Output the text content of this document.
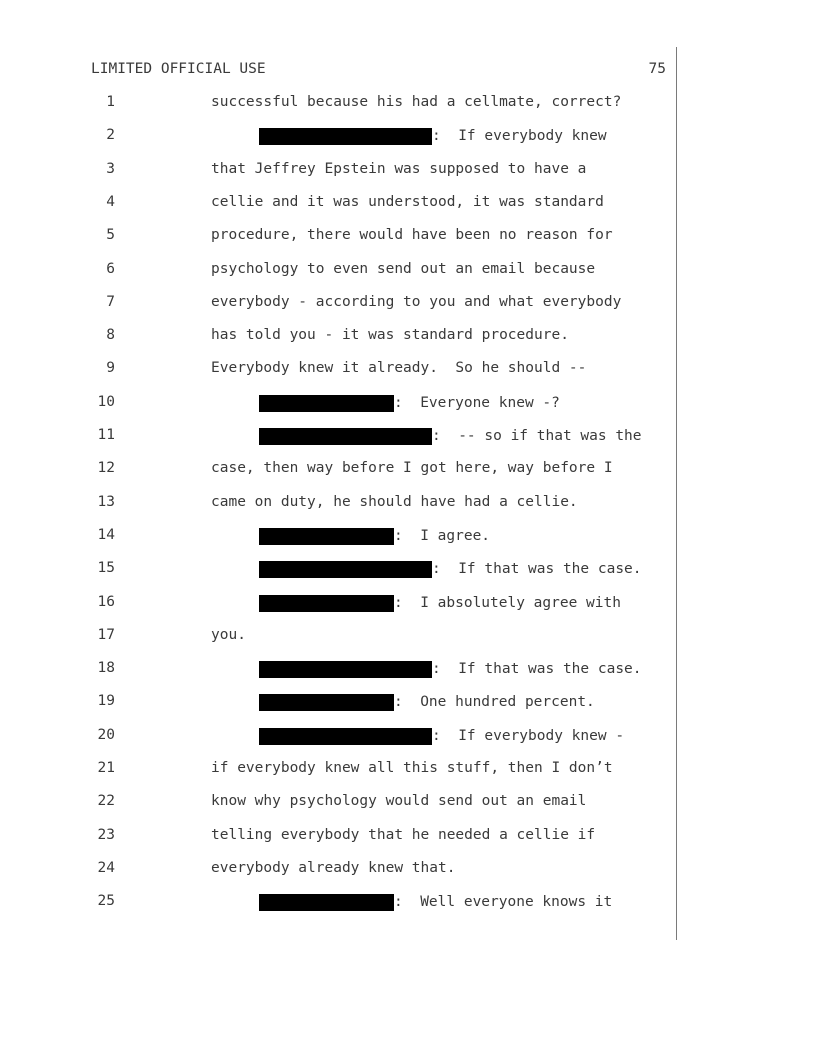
LIMITED OFFICIAL USE	75
1	successful because his had a cellmate, correct?
2	:  If everybody knew
3	that Jeffrey Epstein was supposed to have a
4	cellie and it was understood, it was standard
5	procedure, there would have been no reason for
6	psychology to even send out an email because
7	everybody - according to you and what everybody
8	has told you - it was standard procedure.
9	Everybody knew it already.  So he should --
10	:  Everyone knew -?
11	:  -- so if that was the
12	case, then way before I got here, way before I
13	came on duty, he should have had a cellie.
14	:  I agree.
15	:  If that was the case.
16	:  I absolutely agree with
17	you.
18	:  If that was the case.
19	:  One hundred percent.
20	:  If everybody knew -
21	if everybody knew all this stuff, then I don’t
22	know why psychology would send out an email
23	telling everybody that he needed a cellie if
24	everybody already knew that.
25	:  Well everyone knows it
